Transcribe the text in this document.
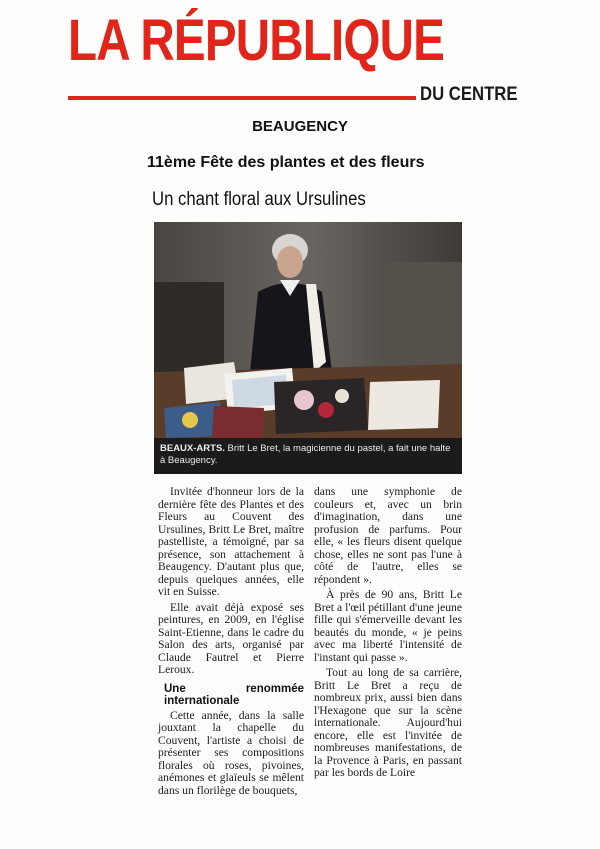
LA RÉPUBLIQUE
DU CENTRE
BEAUGENCY
11ème Fête des plantes et des fleurs
Un chant floral aux Ursulines
BEAUX-ARTS. Britt Le Bret, la magicienne du pastel, a fait une halte à Beaugency.

Invitée d'honneur lors de la dernière fête des Plantes et des Fleurs au Couvent des Ursulines, Britt Le Bret, maître pastelliste, a témoigné, par sa présence, son attachement à Beaugency. D'autant plus que, depuis quelques années, elle vit en Suisse.

Elle avait déjà exposé ses peintures, en 2009, en l'église Saint-Etienne, dans le cadre du Salon des arts, organisé par Claude Fautrel et Pierre Leroux.

Une renommée internationale

Cette année, dans la salle jouxtant la chapelle du Couvent, l'artiste a choisi de présenter ses compositions florales où roses, pivoines, anémones et glaïeuls se mêlent dans un florilège de bouquets,

dans une symphonie de couleurs et, avec un brin d'imagination, dans une profusion de parfums. Pour elle, « les fleurs disent quelque chose, elles ne sont pas l'une à côté de l'autre, elles se répondent ».

À près de 90 ans, Britt Le Bret a l'œil pétillant d'une jeune fille qui s'émerveille devant les beautés du monde, « je peins avec ma liberté l'intensité de l'instant qui passe ».

Tout au long de sa carrière, Britt Le Bret a reçu de nombreux prix, aussi bien dans l'Hexagone que sur la scène internationale. Aujourd'hui encore, elle est l'invitée de nombreuses manifestations, de la Provence à Paris, en passant par les bords de Loire
